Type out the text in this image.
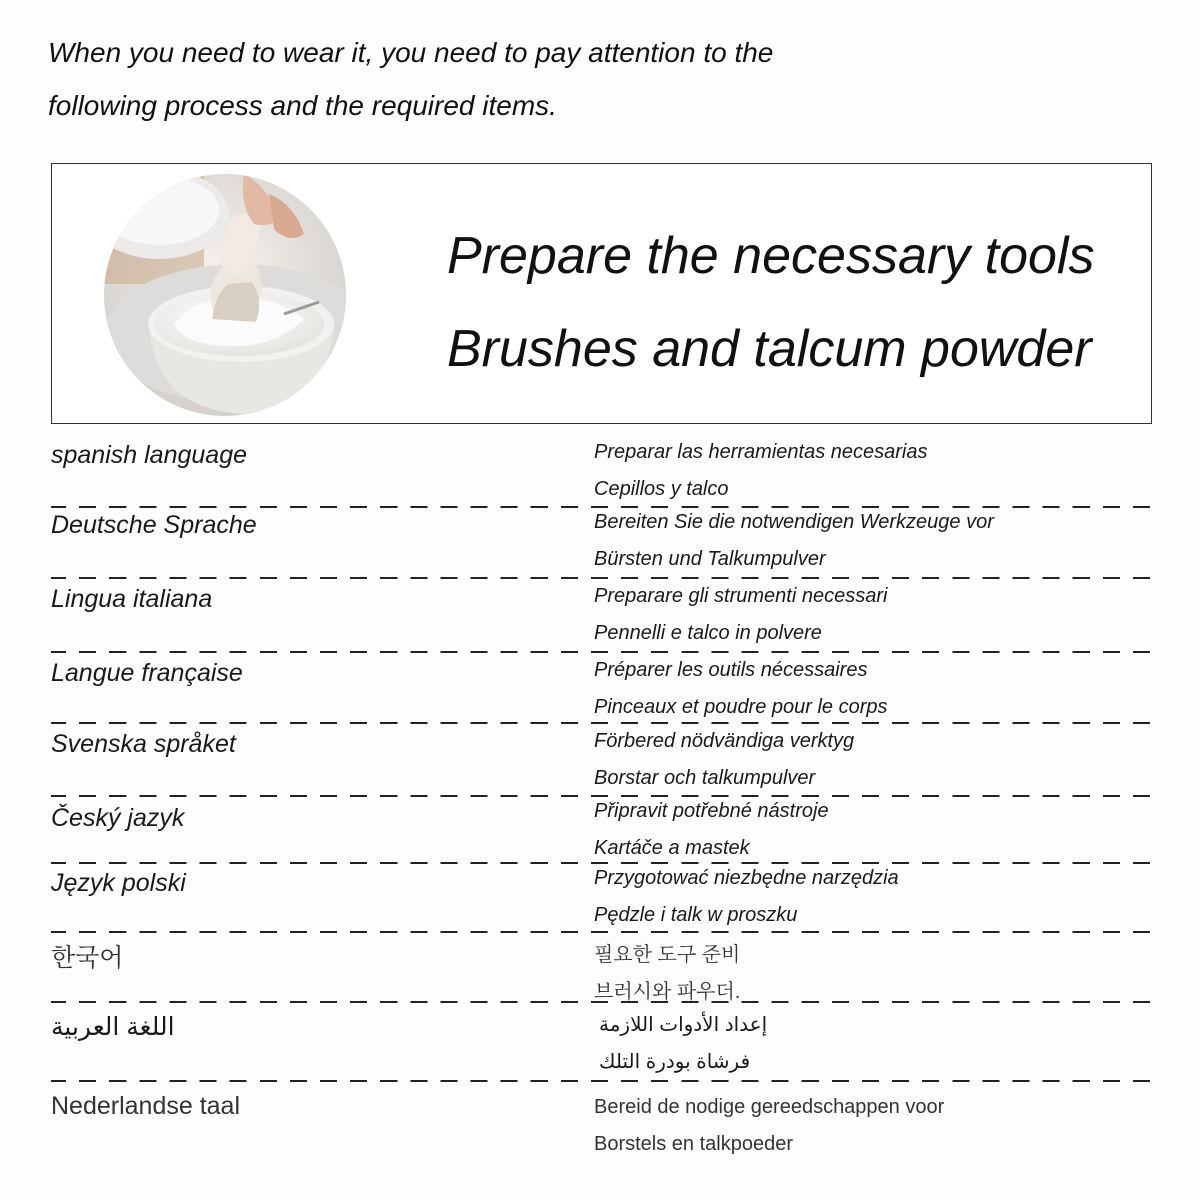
When you need to wear it, you need to pay attention to the

following process and the required items.

Prepare the necessary tools
Brushes and talcum powder
spanish language	Preparar las herramientas necesarias
Cepillos y talco
Deutsche Sprache	Bereiten Sie die notwendigen Werkzeuge vor
Bürsten und Talkumpulver
Lingua italiana	Preparare gli strumenti necessari
Pennelli e talco in polvere
Langue française	Préparer les outils nécessaires
Pinceaux et poudre pour le corps
Svenska språket	Förbered nödvändiga verktyg
Borstar och talkumpulver
Český jazyk	Připravit potřebné nástroje
Kartáče a mastek
Język polski	Przygotować niezbędne narzędzia
Pędzle i talk w proszku
한국어	필요한 도구 준비
브러시와 파우더.
اللغة العربية	إعداد الأدوات اللازمة
فرشاة بودرة التلك
Nederlandse taal	Bereid de nodige gereedschappen voor
Borstels en talkpoeder
